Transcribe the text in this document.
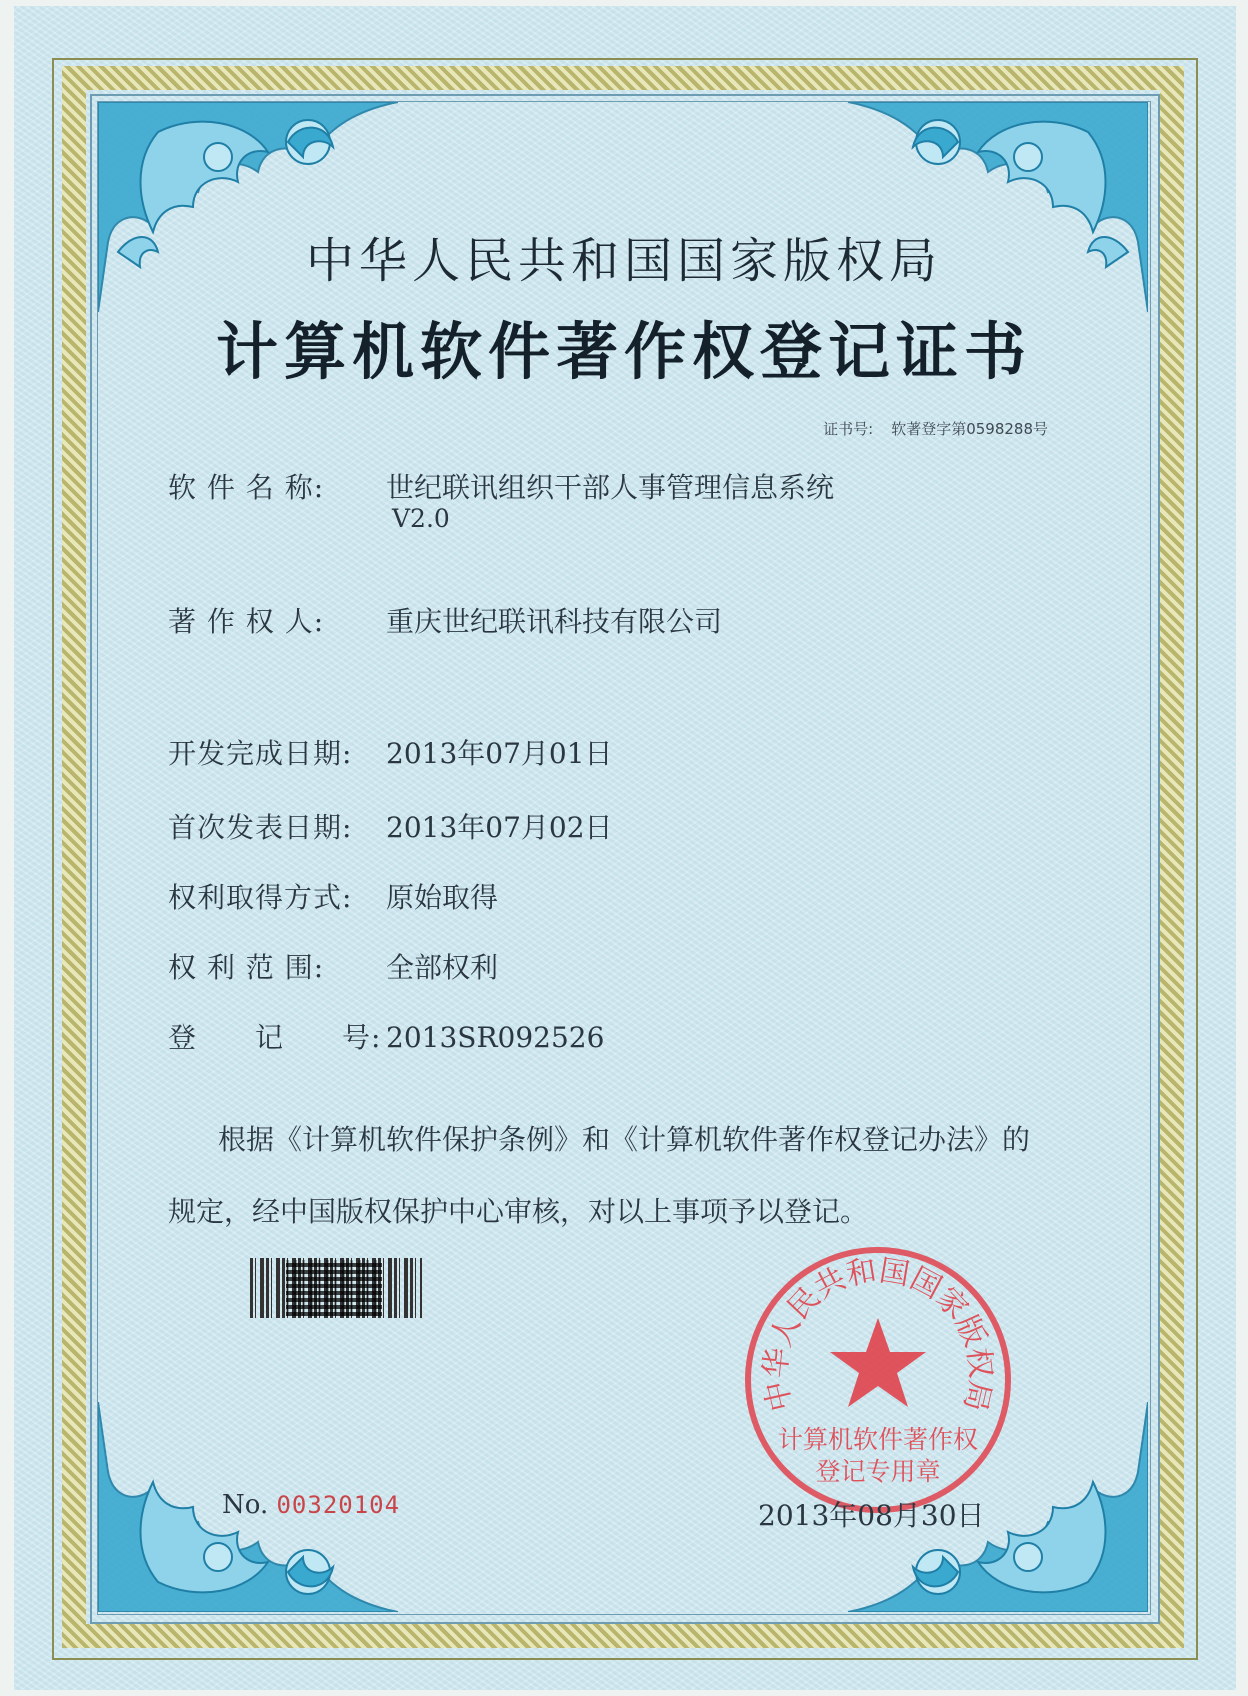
中华人民共和国国家版权局
计算机软件著作权登记证书
证书号: 软著登字第0598288号
软 件 名 称: 世纪联讯组织干部人事管理信息系统
V2.0
著 作 权 人: 重庆世纪联讯科技有限公司
开发完成日期: 2013年07月01日
首次发表日期: 2013年07月02日
权利取得方式: 原始取得
权 利 范 围: 全部权利
登　　记　　号: 2013SR092526
根据《计算机软件保护条例》和《计算机软件著作权登记办法》的
规定，经中国版权保护中心审核，对以上事项予以登记。
中华人民共和国国家版权局
计算机软件著作权
登记专用章
No. 00320104	2013年08月30日
